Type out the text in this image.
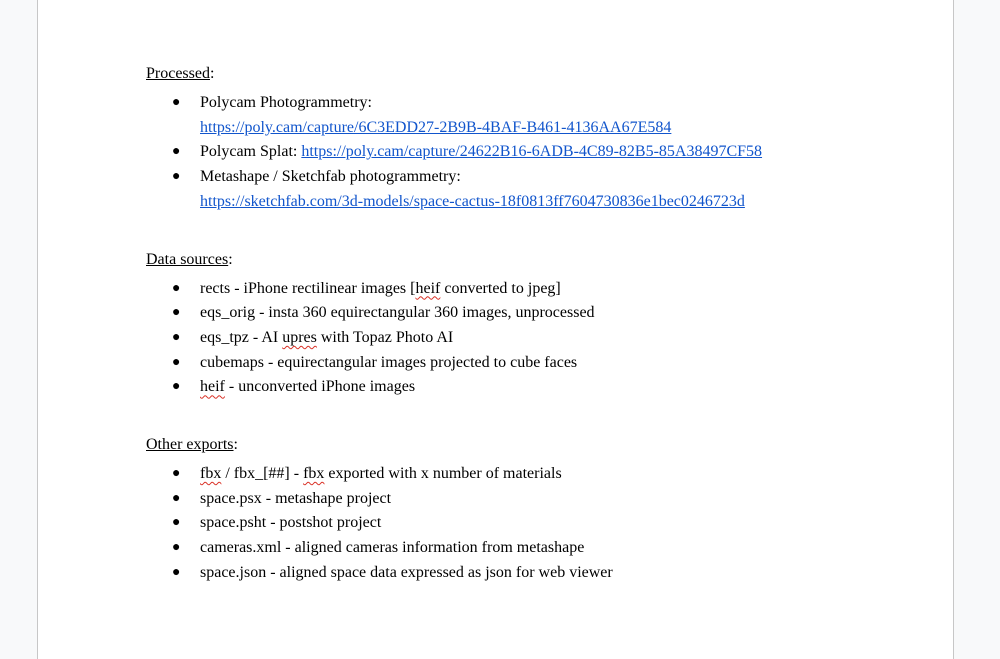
Processed:

● Polycam Photogrammetry:
https://poly.cam/capture/6C3EDD27-2B9B-4BAF-B461-4136AA67E584
● Polycam Splat: https://poly.cam/capture/24622B16-6ADB-4C89-82B5-85A38497CF58
● Metashape / Sketchfab photogrammetry:
https://sketchfab.com/3d-models/space-cactus-18f0813ff7604730836e1bec0246723d

Data sources:

● rects - iPhone rectilinear images [heif converted to jpeg]
● eqs_orig - insta 360 equirectangular 360 images, unprocessed
● eqs_tpz - AI upres with Topaz Photo AI
● cubemaps - equirectangular images projected to cube faces
● heif - unconverted iPhone images

Other exports:

● fbx / fbx_[##] - fbx exported with x number of materials
● space.psx - metashape project
● space.psht - postshot project
● cameras.xml - aligned cameras information from metashape
● space.json - aligned space data expressed as json for web viewer
